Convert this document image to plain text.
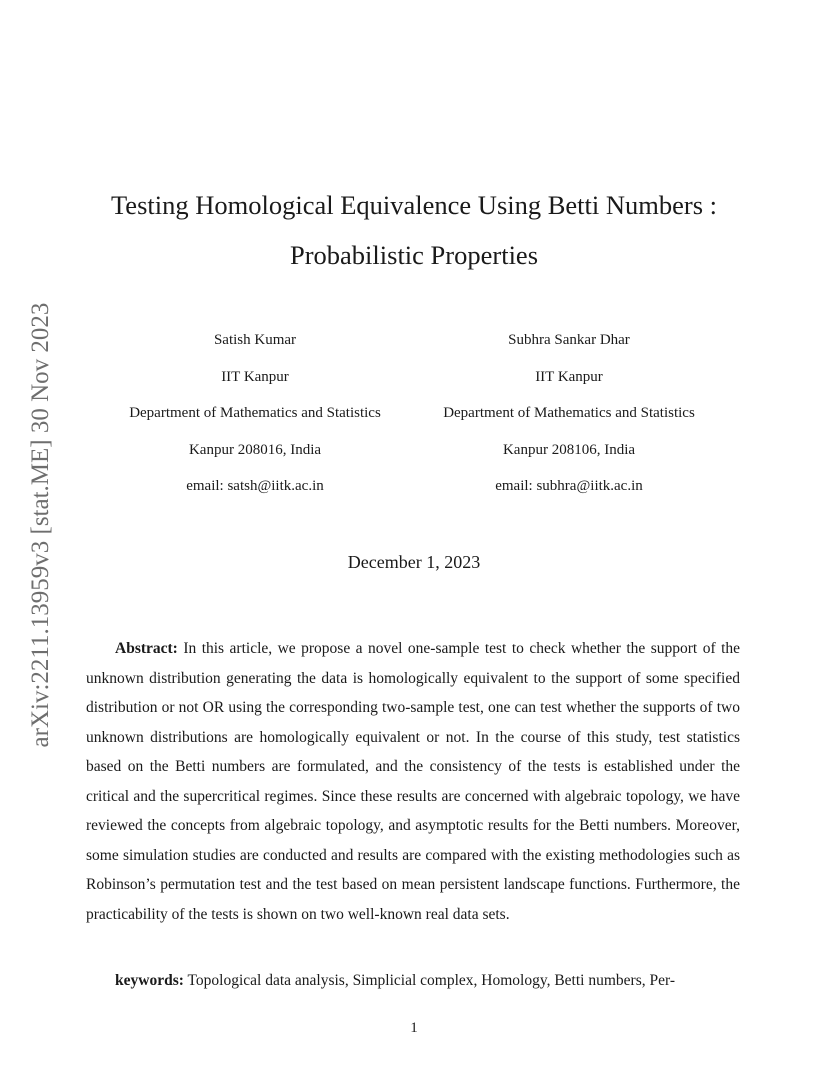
arXiv:2211.13959v3 [stat.ME] 30 Nov 2023
Testing Homological Equivalence Using Betti Numbers :
Probabilistic Properties
Satish Kumar
IIT Kanpur
Department of Mathematics and Statistics
Kanpur 208016, India
email: satsh@iitk.ac.in
Subhra Sankar Dhar
IIT Kanpur
Department of Mathematics and Statistics
Kanpur 208106, India
email: subhra@iitk.ac.in
December 1, 2023

Abstract: In this article, we propose a novel one-sample test to check whether the support of the unknown distribution generating the data is homologically equivalent to the support of some specified distribution or not OR using the corresponding two-sample test, one can test whether the supports of two unknown distributions are homologically equivalent or not. In the course of this study, test statistics based on the Betti numbers are formulated, and the consistency of the tests is established under the critical and the supercritical regimes. Since these results are concerned with algebraic topology, we have reviewed the concepts from algebraic topology, and asymptotic results for the Betti numbers. Moreover, some simulation studies are conducted and results are compared with the existing methodologies such as Robinson’s permutation test and the test based on mean persistent landscape functions. Furthermore, the practicability of the tests is shown on two well-known real data sets.

keywords: Topological data analysis, Simplicial complex, Homology, Betti numbers, Per-

1
